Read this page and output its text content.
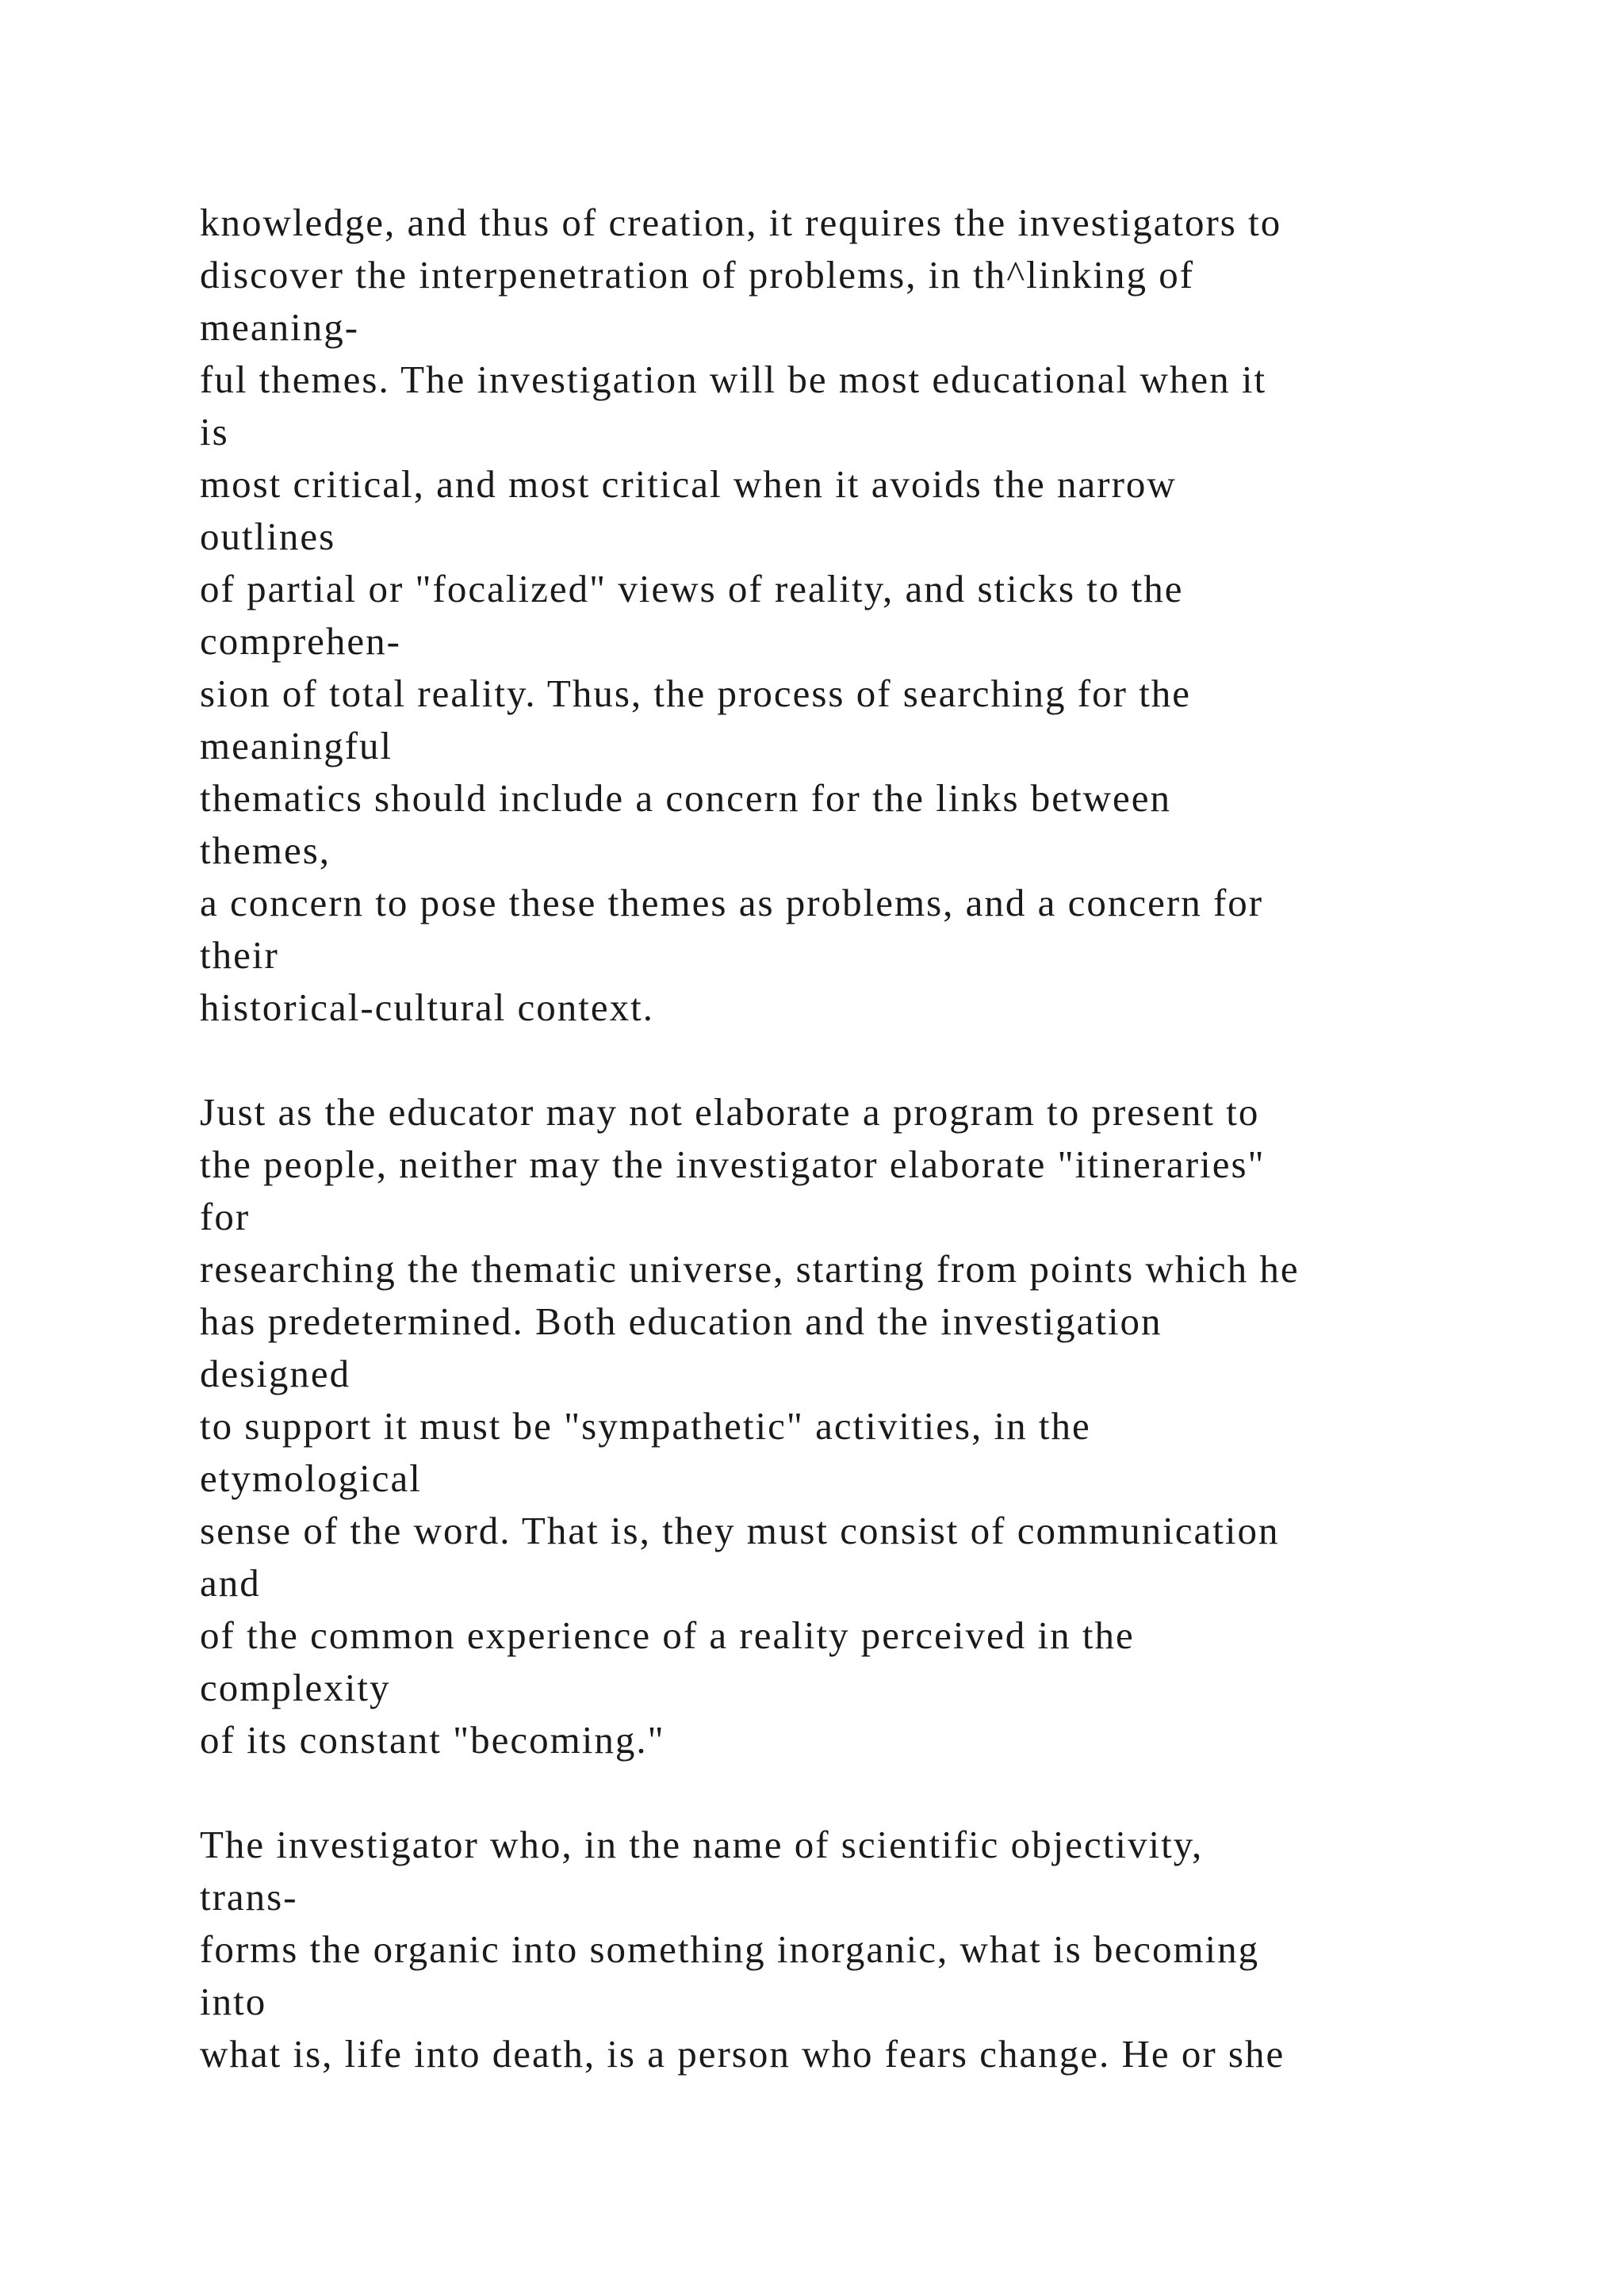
knowledge, and thus of creation, it requires the investigators to
discover the interpenetration of problems, in th^linking of
meaning-
ful themes. The investigation will be most educational when it
is
most critical, and most critical when it avoids the narrow
outlines
of partial or "focalized" views of reality, and sticks to the
comprehen-
sion of total reality. Thus, the process of searching for the
meaningful
thematics should include a concern for the links between
themes,
a concern to pose these themes as problems, and a concern for
their
historical-cultural context.
Just as the educator may not elaborate a program to present to
the people, neither may the investigator elaborate "itineraries"
for
researching the thematic universe, starting from points which he
has predetermined. Both education and the investigation
designed
to support it must be "sympathetic" activities, in the
etymological
sense of the word. That is, they must consist of communication
and
of the common experience of a reality perceived in the
complexity
of its constant "becoming."
The investigator who, in the name of scientific objectivity,
trans-
forms the organic into something inorganic, what is becoming
into
what is, life into death, is a person who fears change. He or she
